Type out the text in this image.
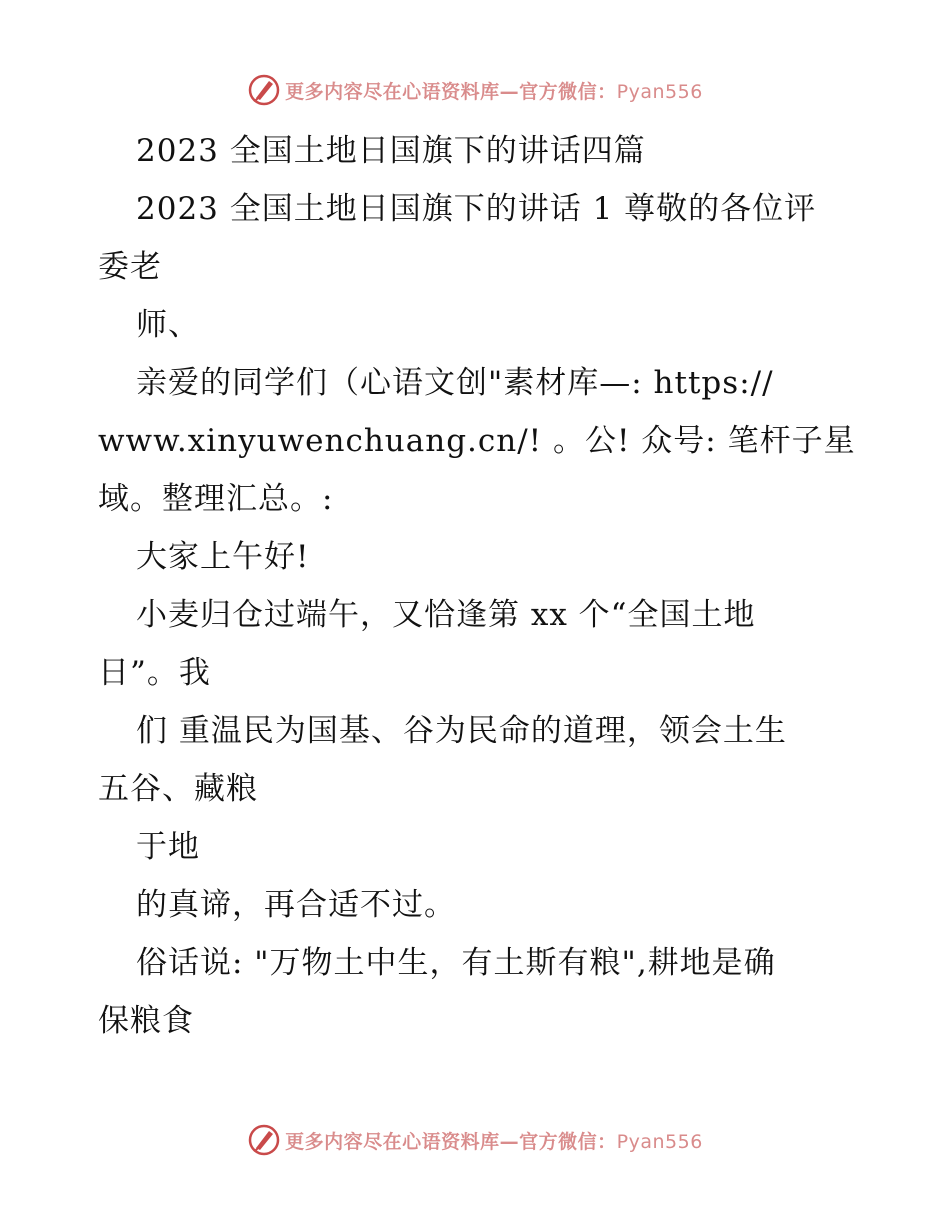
更多内容尽在心语资料库—官方微信：Pyan556
2023 全国土地日国旗下的讲话四篇
2023 全国土地日国旗下的讲话 1 尊敬的各位评
委老
师、
亲爱的同学们（心语文创"素材库—: https://
www.xinyuwenchuang.cn/! 。公! 众号: 笔杆子星
域。整理汇总。:
大家上午好!
小麦归仓过端午，又恰逢第 xx 个“全国土地
日”。我
们 重温民为国基、谷为民命的道理，领会土生
五谷、藏粮
于地
的真谛，再合适不过。
俗话说: "万物土中生，有土斯有粮",耕地是确
保粮食
更多内容尽在心语资料库—官方微信：Pyan556
